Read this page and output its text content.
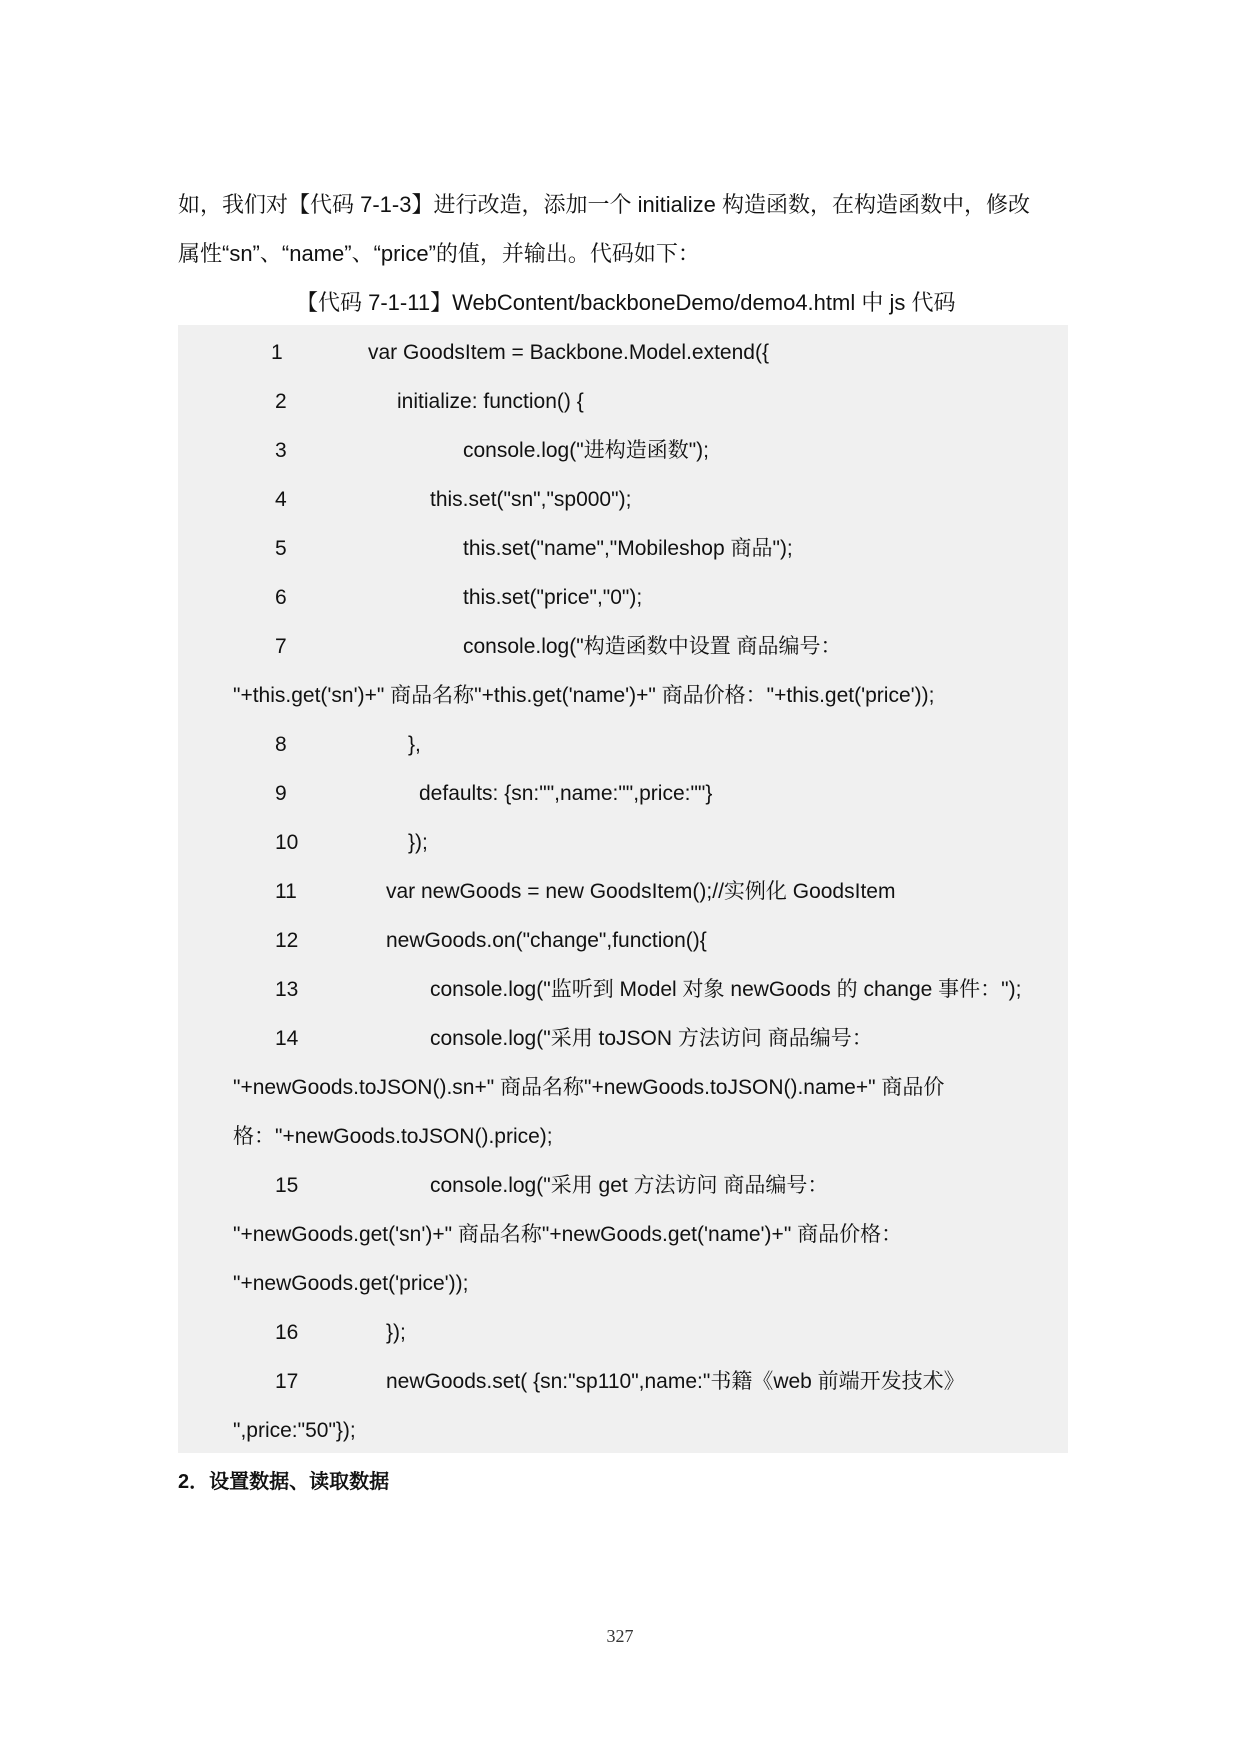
如，我们对【代码 7-1-3】进行改造，添加一个 initialize 构造函数，在构造函数中，修改
属性“sn”、“name”、“price”的值，并输出。代码如下：
【代码 7-1-11】WebContent/backboneDemo/demo4.html 中 js 代码
1	var GoodsItem = Backbone.Model.extend({
2	initialize: function() {
3	console.log("进构造函数");
4	this.set("sn","sp000");
5	this.set("name","Mobileshop 商品");
6	this.set("price","0");
7	console.log("构造函数中设置 商品编号：
"+this.get('sn')+" 商品名称"+this.get('name')+" 商品价格："+this.get('price'));
8	},
9	defaults: {sn:"",name:"",price:""}
10	});
11	var newGoods = new GoodsItem();//实例化 GoodsItem
12	newGoods.on("change",function(){
13	console.log("监听到 Model 对象 newGoods 的 change 事件：");
14	console.log("采用 toJSON 方法访问 商品编号：
"+newGoods.toJSON().sn+" 商品名称"+newGoods.toJSON().name+" 商品价
格："+newGoods.toJSON().price);
15	console.log("采用 get 方法访问 商品编号：
"+newGoods.get('sn')+" 商品名称"+newGoods.get('name')+" 商品价格：
"+newGoods.get('price'));
16	});
17	newGoods.set( {sn:"sp110",name:"书籍《web 前端开发技术》
",price:"50"});
2．设置数据、读取数据
327
